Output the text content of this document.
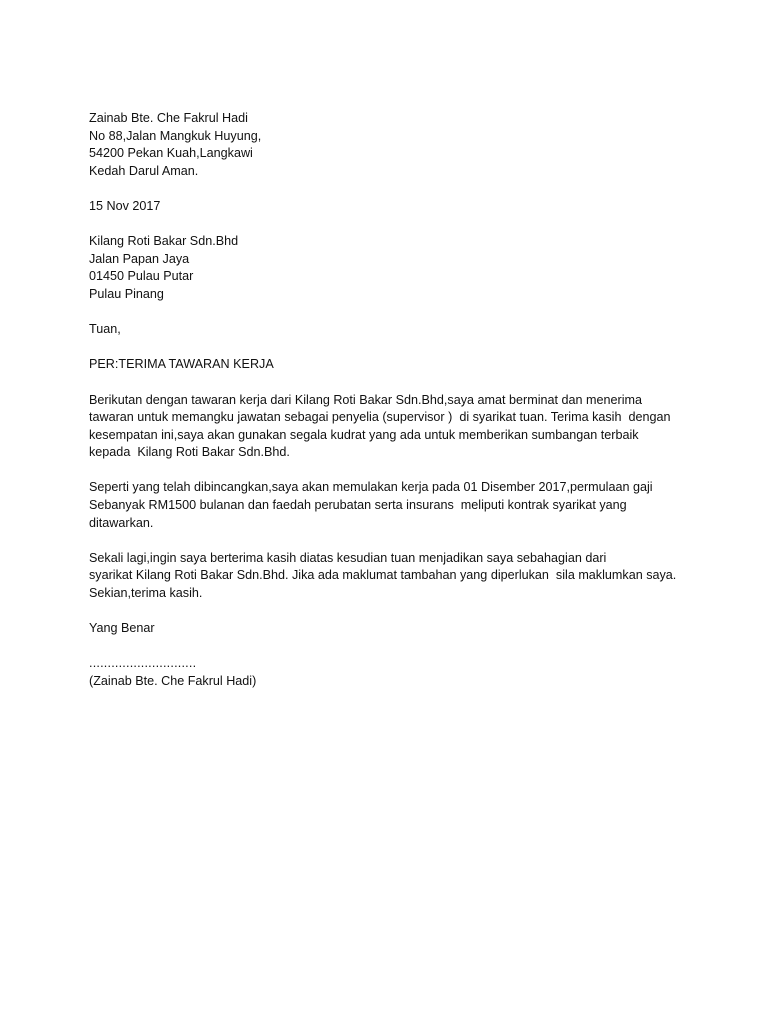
Zainab Bte. Che Fakrul Hadi
No 88,Jalan Mangkuk Huyung,
54200 Pekan Kuah,Langkawi
Kedah Darul Aman.
15 Nov 2017
Kilang Roti Bakar Sdn.Bhd
Jalan Papan Jaya
01450 Pulau Putar
Pulau Pinang
Tuan,
PER:TERIMA TAWARAN KERJA
Berikutan dengan tawaran kerja dari Kilang Roti Bakar Sdn.Bhd,saya amat berminat dan menerima
tawaran untuk memangku jawatan sebagai penyelia (supervisor )  di syarikat tuan. Terima kasih  dengan
kesempatan ini,saya akan gunakan segala kudrat yang ada untuk memberikan sumbangan terbaik
kepada  Kilang Roti Bakar Sdn.Bhd.
Seperti yang telah dibincangkan,saya akan memulakan kerja pada 01 Disember 2017,permulaan gaji
Sebanyak RM1500 bulanan dan faedah perubatan serta insurans  meliputi kontrak syarikat yang
ditawarkan.
Sekali lagi,ingin saya berterima kasih diatas kesudian tuan menjadikan saya sebahagian dari
syarikat Kilang Roti Bakar Sdn.Bhd. Jika ada maklumat tambahan yang diperlukan  sila maklumkan saya.
Sekian,terima kasih.
Yang Benar
.............................
(Zainab Bte. Che Fakrul Hadi)
